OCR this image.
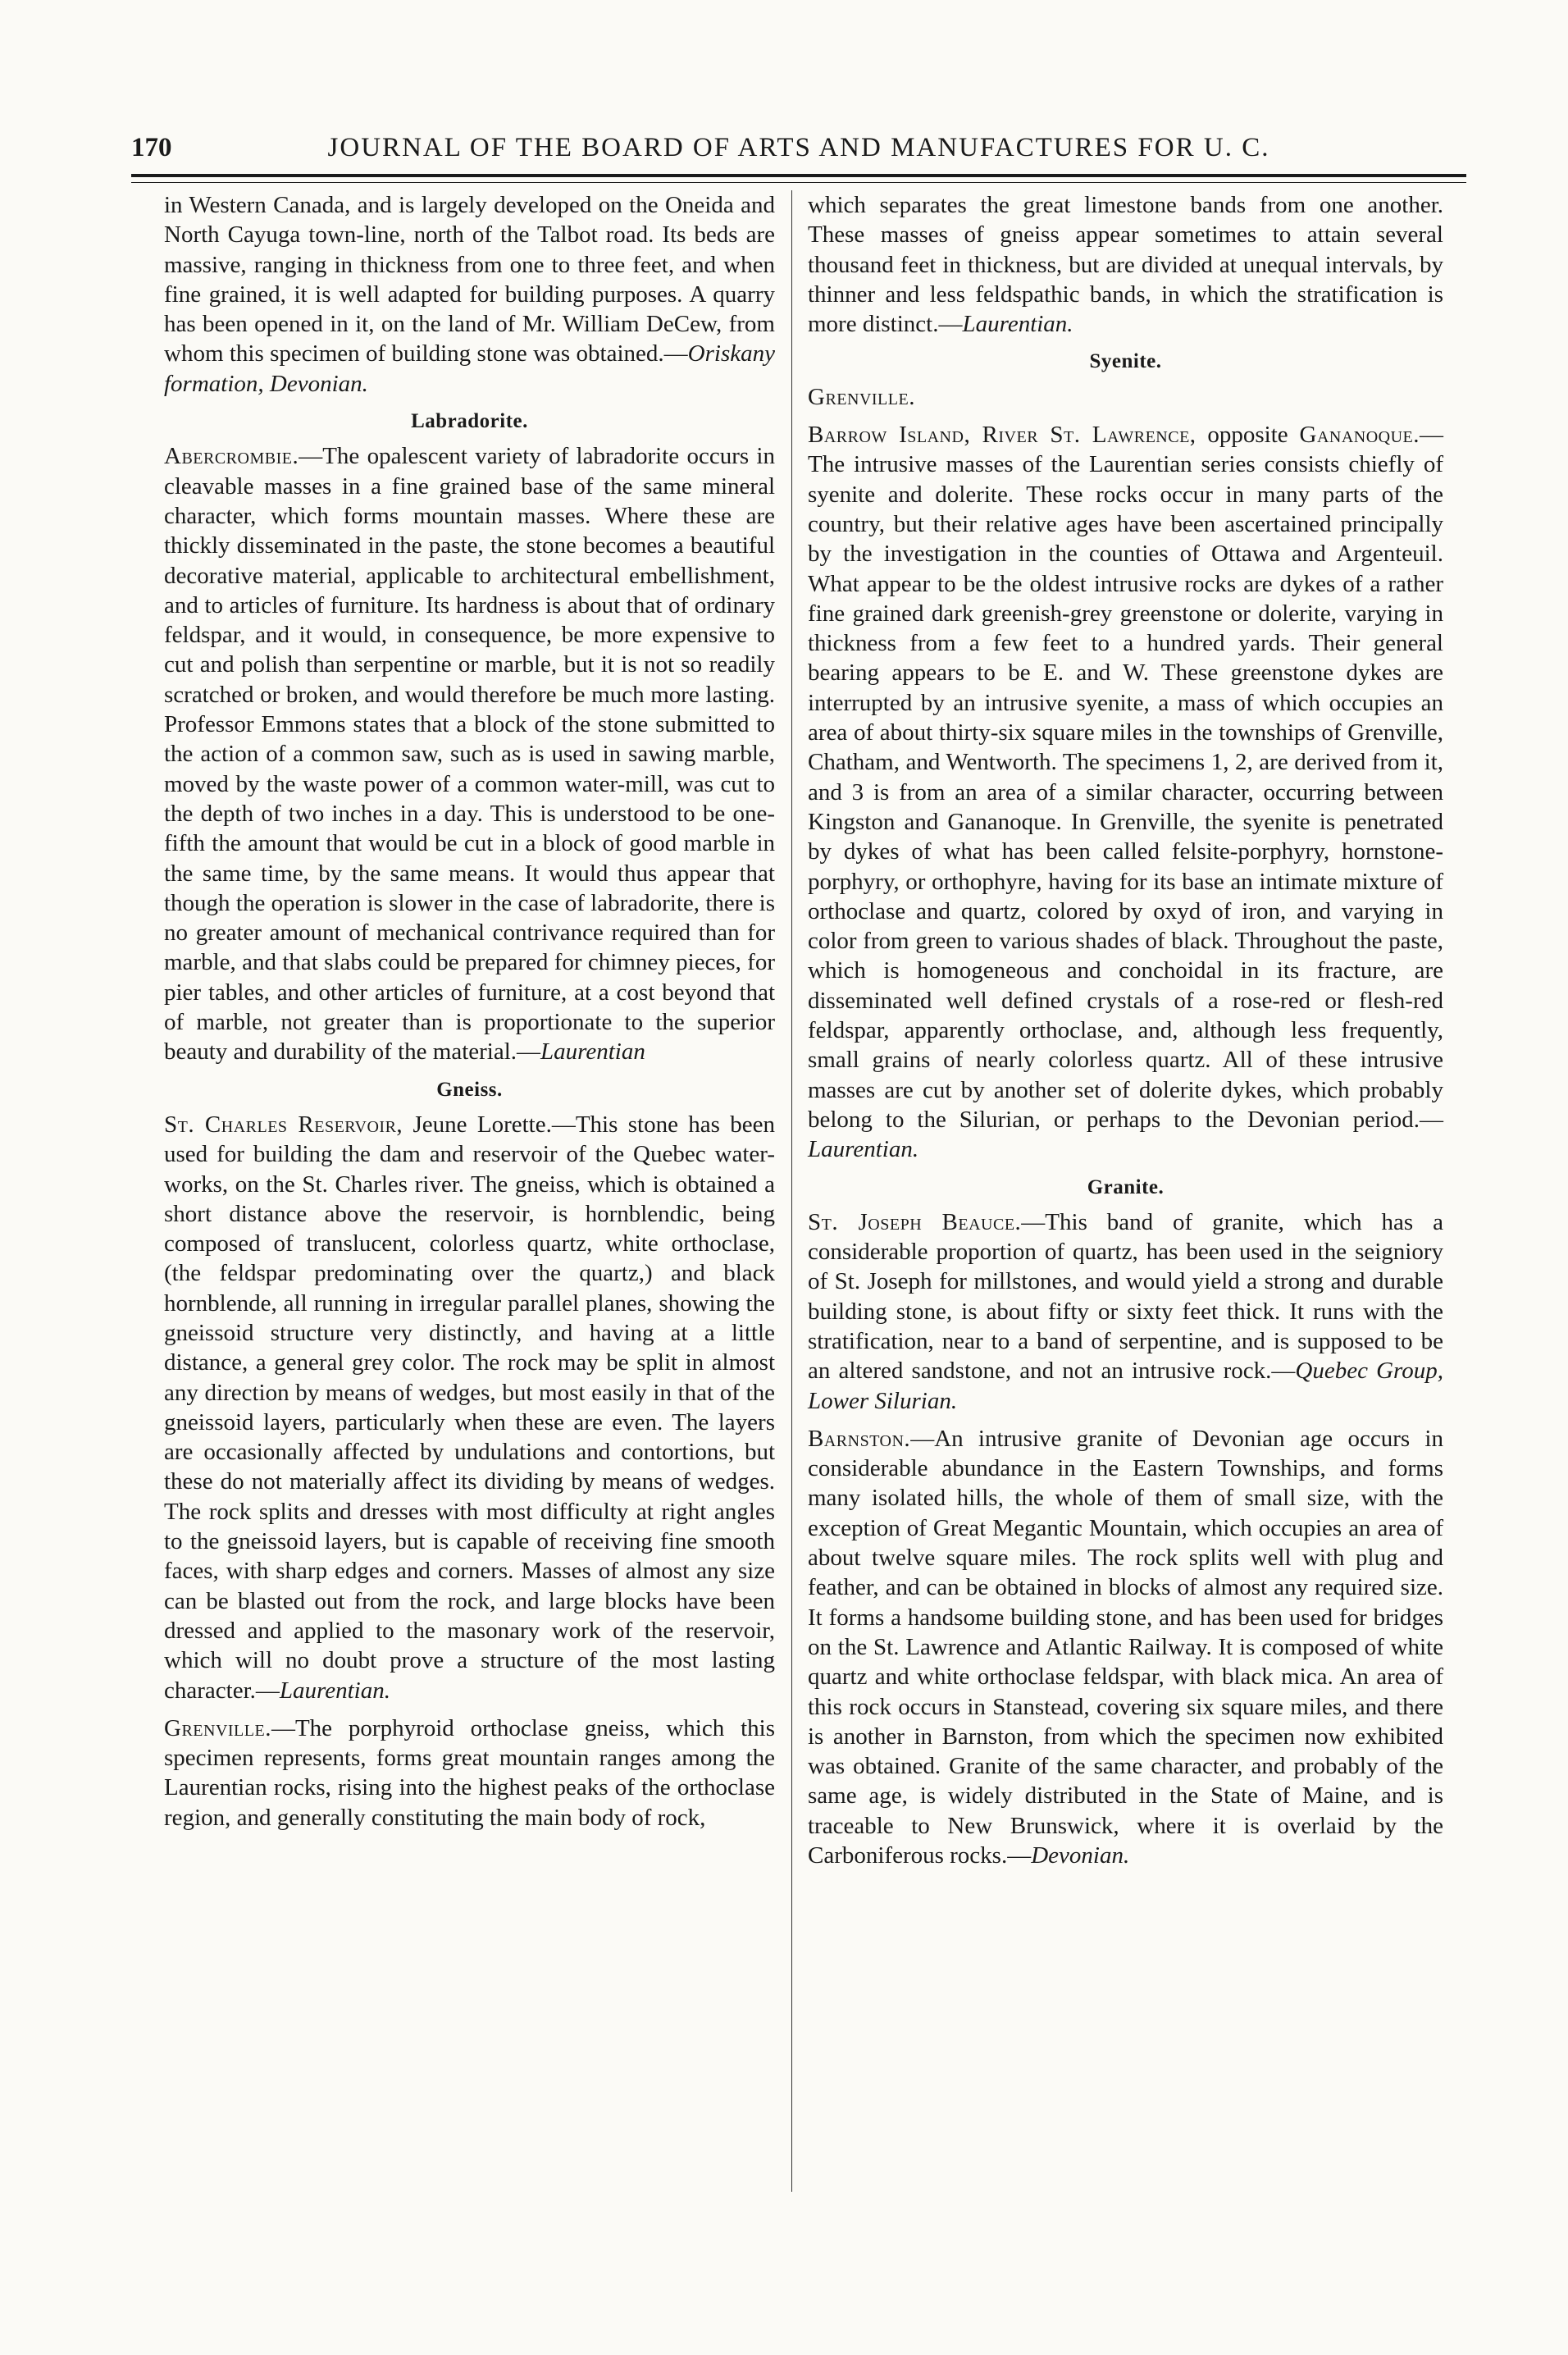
170	JOURNAL OF THE BOARD OF ARTS AND MANUFACTURES FOR U. C.

in Western Canada, and is largely developed on the Oneida and North Cayuga town-line, north of the Talbot road. Its beds are massive, ranging in thickness from one to three feet, and when fine grained, it is well adapted for building purposes. A quarry has been opened in it, on the land of Mr. William DeCew, from whom this specimen of building stone was obtained.—Oriskany formation, Devonian.

Labradorite.

Abercrombie.—The opalescent variety of labradorite occurs in cleavable masses in a fine grained base of the same mineral character, which forms mountain masses. Where these are thickly disseminated in the paste, the stone becomes a beautiful decorative material, applicable to architectural embellishment, and to articles of furniture. Its hardness is about that of ordinary feldspar, and it would, in consequence, be more expensive to cut and polish than serpentine or marble, but it is not so readily scratched or broken, and would therefore be much more lasting. Professor Emmons states that a block of the stone submitted to the action of a common saw, such as is used in sawing marble, moved by the waste power of a common water-mill, was cut to the depth of two inches in a day. This is understood to be one-fifth the amount that would be cut in a block of good marble in the same time, by the same means. It would thus appear that though the operation is slower in the case of labradorite, there is no greater amount of mechanical contrivance required than for marble, and that slabs could be prepared for chimney pieces, for pier tables, and other articles of furniture, at a cost beyond that of marble, not greater than is proportionate to the superior beauty and durability of the material.—Laurentian

Gneiss.

St. Charles Reservoir, Jeune Lorette.—This stone has been used for building the dam and reservoir of the Quebec water-works, on the St. Charles river. The gneiss, which is obtained a short distance above the reservoir, is hornblendic, being composed of translucent, colorless quartz, white orthoclase, (the feldspar predominating over the quartz,) and black hornblende, all running in irregular parallel planes, showing the gneissoid structure very distinctly, and having at a little distance, a general grey color. The rock may be split in almost any direction by means of wedges, but most easily in that of the gneissoid layers, particularly when these are even. The layers are occasionally affected by undulations and contortions, but these do not materially affect its dividing by means of wedges. The rock splits and dresses with most difficulty at right angles to the gneissoid layers, but is capable of receiving fine smooth faces, with sharp edges and corners. Masses of almost any size can be blasted out from the rock, and large blocks have been dressed and applied to the masonary work of the reservoir, which will no doubt prove a structure of the most lasting character.—Laurentian.

Grenville.—The porphyroid orthoclase gneiss, which this specimen represents, forms great mountain ranges among the Laurentian rocks, rising into the highest peaks of the orthoclase region, and generally constituting the main body of rock,

which separates the great limestone bands from one another. These masses of gneiss appear sometimes to attain several thousand feet in thickness, but are divided at unequal intervals, by thinner and less feldspathic bands, in which the stratification is more distinct.—Laurentian.

Syenite.

Grenville.

Barrow Island, River St. Lawrence, opposite Gananoque.—The intrusive masses of the Laurentian series consists chiefly of syenite and dolerite. These rocks occur in many parts of the country, but their relative ages have been ascertained principally by the investigation in the counties of Ottawa and Argenteuil. What appear to be the oldest intrusive rocks are dykes of a rather fine grained dark greenish-grey greenstone or dolerite, varying in thickness from a few feet to a hundred yards. Their general bearing appears to be E. and W. These greenstone dykes are interrupted by an intrusive syenite, a mass of which occupies an area of about thirty-six square miles in the townships of Grenville, Chatham, and Wentworth. The specimens 1, 2, are derived from it, and 3 is from an area of a similar character, occurring between Kingston and Gananoque. In Grenville, the syenite is penetrated by dykes of what has been called felsite-porphyry, hornstone-porphyry, or orthophyre, having for its base an intimate mixture of orthoclase and quartz, colored by oxyd of iron, and varying in color from green to various shades of black. Throughout the paste, which is homogeneous and conchoidal in its fracture, are disseminated well defined crystals of a rose-red or flesh-red feldspar, apparently orthoclase, and, although less frequently, small grains of nearly colorless quartz. All of these intrusive masses are cut by another set of dolerite dykes, which probably belong to the Silurian, or perhaps to the Devonian period.—Laurentian.

Granite.

St. Joseph Beauce.—This band of granite, which has a considerable proportion of quartz, has been used in the seigniory of St. Joseph for millstones, and would yield a strong and durable building stone, is about fifty or sixty feet thick. It runs with the stratification, near to a band of serpentine, and is supposed to be an altered sandstone, and not an intrusive rock.—Quebec Group, Lower Silurian.

Barnston.—An intrusive granite of Devonian age occurs in considerable abundance in the Eastern Townships, and forms many isolated hills, the whole of them of small size, with the exception of Great Megantic Mountain, which occupies an area of about twelve square miles. The rock splits well with plug and feather, and can be obtained in blocks of almost any required size. It forms a handsome building stone, and has been used for bridges on the St. Lawrence and Atlantic Railway. It is composed of white quartz and white orthoclase feldspar, with black mica. An area of this rock occurs in Stanstead, covering six square miles, and there is another in Barnston, from which the specimen now exhibited was obtained. Granite of the same character, and probably of the same age, is widely distributed in the State of Maine, and is traceable to New Brunswick, where it is overlaid by the Carboniferous rocks.—Devonian.
